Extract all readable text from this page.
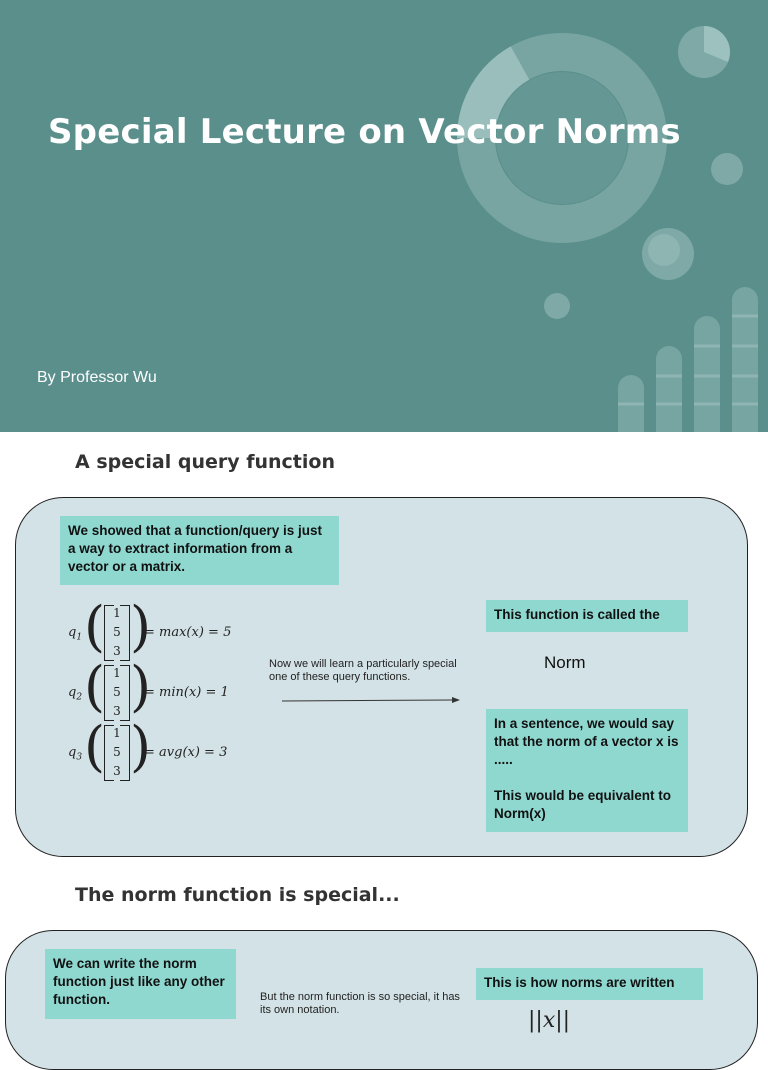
Special Lecture on Vector Norms
By Professor Wu
A special query function
We showed that a function/query is just a way to extract information from a vector or a matrix.
$q_1$ ( 1
5
3 )
= max(x) = 5
$q_2$ ( 1
5
3 )
= min(x) = 1
$q_3$ ( 1
5
3 )
= avg(x) = 3
Now we will learn a particularly special one of these query functions.
This function is called the
Norm
In a sentence, we would say that the norm of a vector x is .....
This would be equivalent to Norm(x)
The norm function is special...
We can write the norm function just like any other function.	But the norm function is so special, it has its own notation.
This is how norms are written
||x||
